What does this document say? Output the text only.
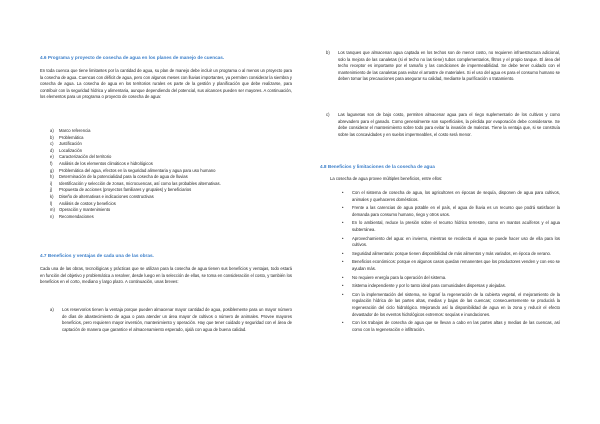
4.6 Programa y proyecto de cosecha de agua en los planes de manejo de cuencas.
En toda cuenca que tiene limitantes por la cantidad de agua, su plan de manejo debe incluir un programa o al menos un proyecto para la cosecha de agua. Cuencas con déficit de agua, pero con algunos meses con lluvias importantes, ya permiten considerar la siembra y cosecha de agua. La cosecha de agua en los territorios rurales es parte de la gestión y planificación que debe realizarse, para contribuir con la seguridad hídrica y alimentaria, aunque dependiendo del potencial, sus alcances pueden ser mayores. A continuación, los elementos para un programa o proyecto de cosecha de agua:
a) Marco referencia
b) Problemática
c) Justificación
d) Localización
e) Caracterización del territorio
f) Análisis de los elementos climáticos e hidrológicos
g) Problemática del agua, efectos en la seguridad alimentaria y agua para uso humano
h) Determinación de la potencialidad para la cosecha de agua de lluvias
i) Identificación y selección de zonas, microcuencas, así como las probables alternativas.
j) Propuesta de acciones (proyectos familiares y grupales) y beneficiarios
k) Diseño de alternativas e indicaciones constructivas
l) Análisis de costos y beneficios
m) Operación y mantenimiento
n) Recomendaciones
4.7 Beneficios y ventajas de cada una de las obras.
Cada una de las obras, tecnológicas y prácticas que se utilizan para la cosecha de agua tienen sus beneficios y ventajas, todo estará en función del objetivo y problemática a resolver, desde luego en la selección de ellas, se toma en consideración el costo, y también los beneficios en el corto, mediano y largo plazo. A continuación, unas breves:
a) Los reservorios tienen la ventaja porque pueden almacenar mayor cantidad de agua, posiblemente para un mayor número de días de abastecimiento de agua o para atender un área mayor de cultivos o número de animales. Provee mayores beneficios, pero requieren mayor inversión, mantenimiento y operación. Hay que tener cuidado y seguridad con el área de captación de manera que garantice el almacenamiento esperado, ojalá con agua de buena calidad.
b) Los tanques que almacenan agua captada en los techos son de menor costo, no requieren infraestructura adicional, solo la mejora de las canaletas (si el techo no las tiene) tubos complementarios, filtros y el propio tanque. El área del techo receptor es importante por el tamaño y las condiciones de impermeabilidad. Se debe tener cuidado con el mantenimiento de las canaletas para evitar el arrastre de materiales. Si el uso del agua es para el consumo humano se deben tomar las precauciones para asegurar su calidad, mediante la purificación o tratamiento.
c) Las lagunetas son de bajo costo, permiten almacenar agua para el riego suplementario de los cultivos y como abrevadero para el ganado. Como generalmente son superficiales, la pérdida por evaporación debe considerarse. Se debe considerar el mantenimiento sobre todo para evitar la invasión de malezas. Tiene la ventaja que, si se construía sobre las concavidades y en suelos impermeables, el costo será menor.
4.8 Beneficios y limitaciones de la cosecha de agua
La cosecha de agua provee múltiples beneficios, entre ellos:
• Con el sistema de cosecha de agua, los agricultores en épocas de sequía, disponen de agua para cultivos, animales y quehaceres domésticos.
• Frente a las carencias de agua potable en el país, el agua de lluvia es un recurso que podrá satisfacer la demanda para consumo humano, riego y otros usos.
• En lo ambiental, reduce la presión sobre el recurso hídrico terrestre, como en mantos acuíferos y el agua subterránea.
• Aprovechamiento del agua: en invierno, mientras se recolecta el agua se puede hacer uso de ella para los cultivos.
• Seguridad alimentaria: porque tienen disponibilidad de más alimentos y más variados, en época de verano.
• Beneficios económicos: porque en algunos casos quedan remanentes que los productores venden y con eso se ayudan más.
• No requiere energía para la operación del sistema.
• Sistema independiente y por lo tanto ideal para comunidades dispersas y alejadas.
• Con la implementación del sistema, se lograrí la regeneración de la cubierta vegetal, el mejoramiento de la regulación hídrica de las partes altas, medias y bajas de las cuencas; consecuentemente se producirá la regeneración del ciclo hidrológico. Mejorando así la disponibilidad de agua en la zona y reducir el efecto devastador de los eventos hidrológicos extremos: sequías e inundaciones.
• Con los trabajos de cosecha de agua que se llevan a cabo en las partes altas y medias de las cuencas, así como con la regeneración e infiltración.
